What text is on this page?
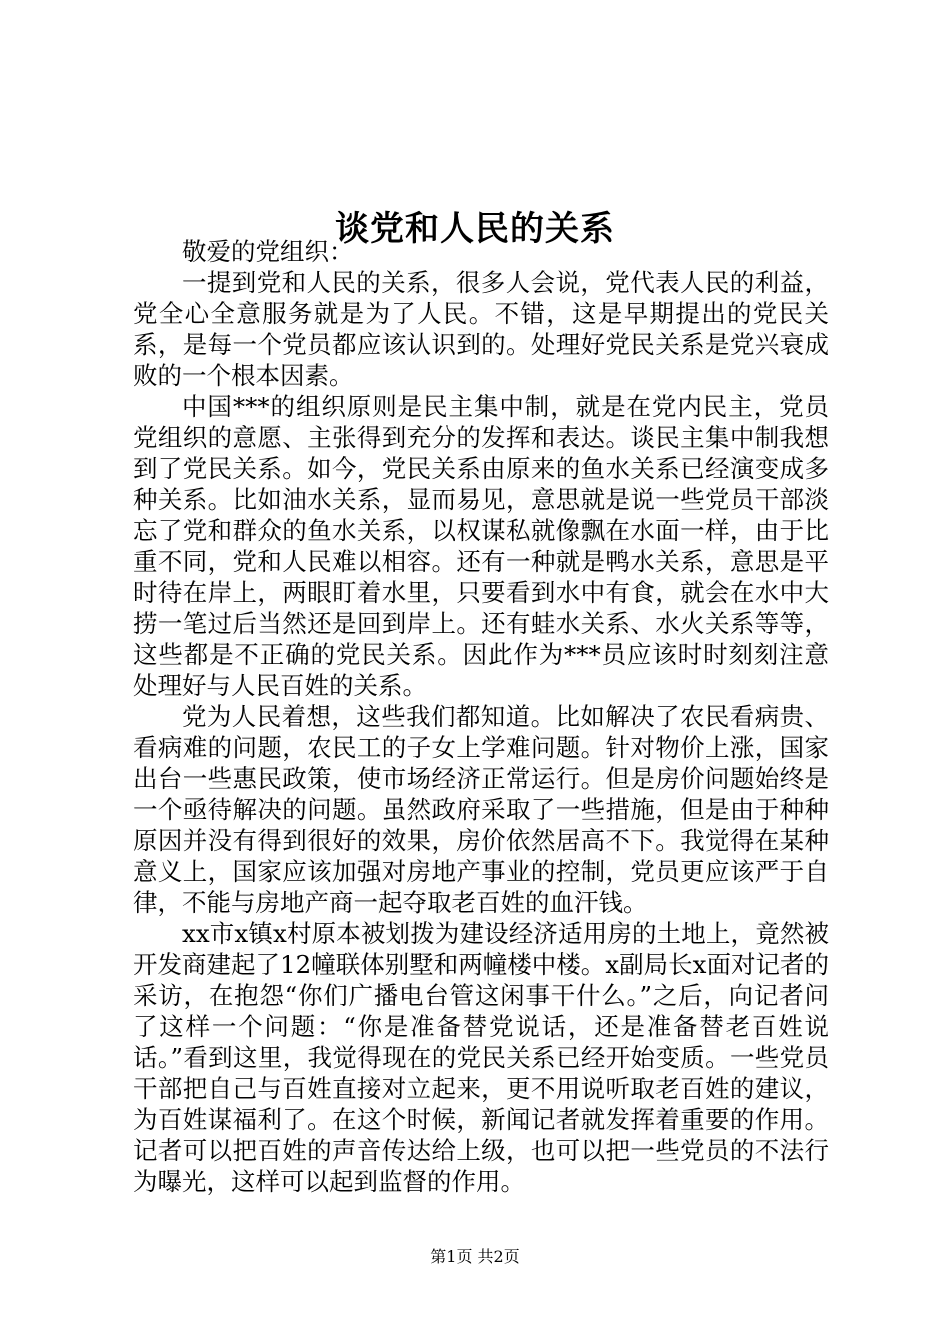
谈党和人民的关系

敬爱的党组织：

一提到党和人民的关系，很多人会说，党代表人民的利益，党全心全意服务就是为了人民。不错，这是早期提出的党民关系，是每一个党员都应该认识到的。处理好党民关系是党兴衰成败的一个根本因素。

中国***的组织原则是民主集中制，就是在党内民主，党员党组织的意愿、主张得到充分的发挥和表达。谈民主集中制我想到了党民关系。如今，党民关系由原来的鱼水关系已经演变成多种关系。比如油水关系，显而易见，意思就是说一些党员干部淡忘了党和群众的鱼水关系，以权谋私就像飘在水面一样，由于比重不同，党和人民难以相容。还有一种就是鸭水关系，意思是平时待在岸上，两眼盯着水里，只要看到水中有食，就会在水中大捞一笔过后当然还是回到岸上。还有蛙水关系、水火关系等等，这些都是不正确的党民关系。因此作为***员应该时时刻刻注意处理好与人民百姓的关系。

党为人民着想，这些我们都知道。比如解决了农民看病贵、看病难的问题，农民工的子女上学难问题。针对物价上涨，国家出台一些惠民政策，使市场经济正常运行。但是房价问题始终是一个亟待解决的问题。虽然政府采取了一些措施，但是由于种种原因并没有得到很好的效果，房价依然居高不下。我觉得在某种意义上，国家应该加强对房地产事业的控制，党员更应该严于自律，不能与房地产商一起夺取老百姓的血汗钱。

xx市x镇x村原本被划拨为建设经济适用房的土地上，竟然被开发商建起了12幢联体别墅和两幢楼中楼。x副局长x面对记者的采访，在抱怨“你们广播电台管这闲事干什么。”之后，向记者问了这样一个问题：“你是准备替党说话，还是准备替老百姓说话。”看到这里，我觉得现在的党民关系已经开始变质。一些党员干部把自己与百姓直接对立起来，更不用说听取老百姓的建议，为百姓谋福利了。在这个时候，新闻记者就发挥着重要的作用。记者可以把百姓的声音传达给上级，也可以把一些党员的不法行为曝光，这样可以起到监督的作用。

第1页 共2页
